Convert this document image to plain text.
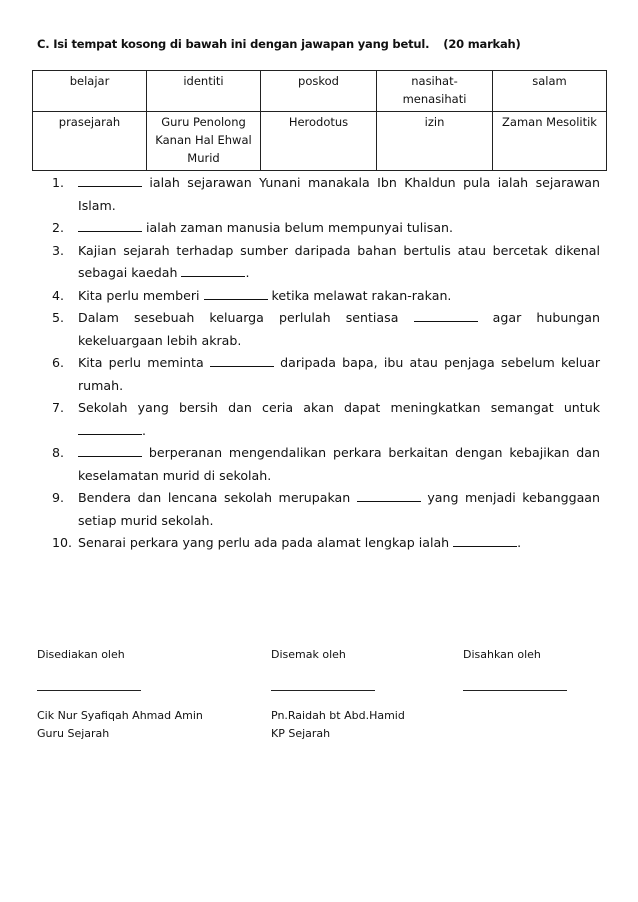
C. Isi tempat kosong di bawah ini dengan jawapan yang betul. (20 markah)
belajar	identiti	poskod	nasihat-menasihati	salam
prasejarah	Guru Penolong Kanan Hal Ehwal Murid	Herodotus	izin	Zaman Mesolitik
1.	ialah sejarawan Yunani manakala Ibn Khaldun pula ialah sejarawan Islam.
2.	ialah zaman manusia belum mempunyai tulisan.
3. Kajian sejarah terhadap sumber daripada bahan bertulis atau bercetak dikenal sebagai kaedah	.
4. Kita perlu memberi	ketika melawat rakan-rakan.
5. Dalam sesebuah keluarga perlulah sentiasa	agar hubungan kekeluargaan lebih akrab.
6. Kita perlu meminta	daripada bapa, ibu atau penjaga sebelum keluar rumah.
7. Sekolah yang bersih dan ceria akan dapat meningkatkan semangat untuk .
8.	berperanan mengendalikan perkara berkaitan dengan kebajikan dan keselamatan murid di sekolah.
9. Bendera dan lencana sekolah merupakan	yang menjadi kebanggaan setiap murid sekolah.
10. Senarai perkara yang perlu ada pada alamat lengkap ialah	.
Disediakan oleh	Disemak oleh	Disahkan oleh
Cik Nur Syafiqah Ahmad Amin	Pn.Raidah bt Abd.Hamid
Guru Sejarah	KP Sejarah
